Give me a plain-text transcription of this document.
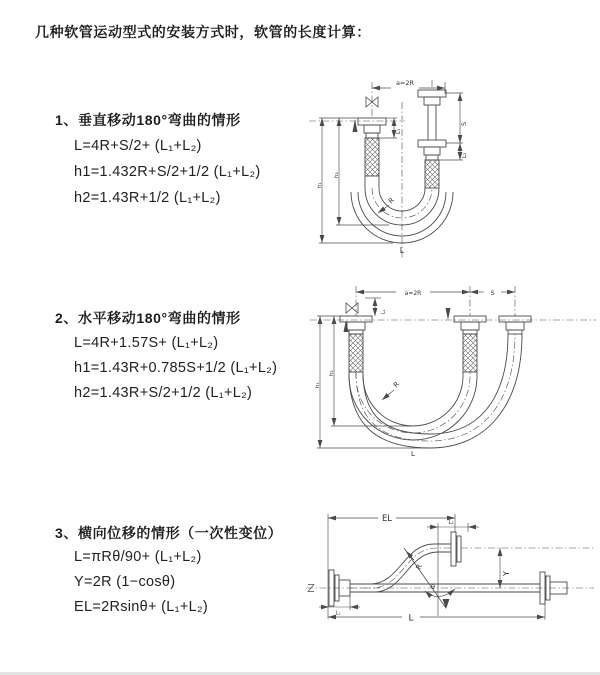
几种软管运动型式的安装方式时，软管的长度计算：
1、垂直移动180°弯曲的情形
L=4R+S/2+ (L₁+L₂)
h1=1.432R+S/2+1/2 (L₁+L₂)
h2=1.43R+1/2 (L₁+L₂)
2、水平移动180°弯曲的情形
L=4R+1.57S+ (L₁+L₂)
h1=1.43R+0.785S+1/2 (L₁+L₂)
h2=1.43R+S/2+1/2 (L₁+L₂)
3、横向位移的情形（一次性变位）
L=πRθ/90+ (L₁+L₂)
Y=2R (1−cosθ)
EL=2Rsinθ+ (L₁+L₂)
a=2R
L₁
S
L₂
h₁
h₂
R
L
a=2R	S
L₁
h₁
h₂
R
L
EL	L₂
Y
R
θ
L
L₁
